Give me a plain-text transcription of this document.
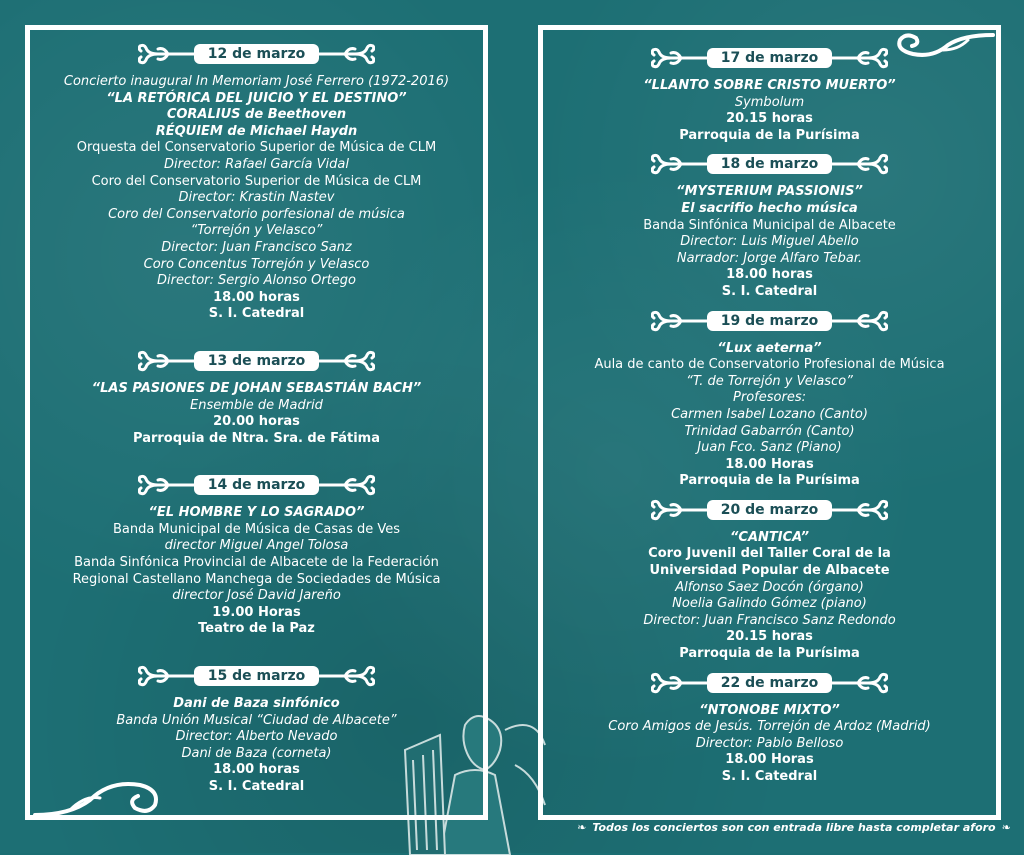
12 de marzo
Concierto inaugural In Memoriam José Ferrero (1972-2016)
“LA RETÓRICA DEL JUICIO Y EL DESTINO”
CORALIUS de Beethoven
RÉQUIEM de Michael Haydn
Orquesta del Conservatorio Superior de Música de CLM
Director: Rafael García Vidal
Coro del Conservatorio Superior de Música de CLM
Director: Krastin Nastev
Coro del Conservatorio porfesional de música
“Torrejón y Velasco”
Director: Juan Francisco Sanz
Coro Concentus Torrejón y Velasco
Director: Sergio Alonso Ortego
18.00 horas
S. I. Catedral
13 de marzo
“LAS PASIONES DE JOHAN SEBASTIÁN BACH”
Ensemble de Madrid
20.00 horas
Parroquia de Ntra. Sra. de Fátima
14 de marzo
“EL HOMBRE Y LO SAGRADO”
Banda Municipal de Música de Casas de Ves
director Miguel Angel Tolosa
Banda Sinfónica Provincial de Albacete de la Federación
Regional Castellano Manchega de Sociedades de Música
director José David Jareño
19.00 Horas
Teatro de la Paz
15 de marzo
Dani de Baza sinfónico
Banda Unión Musical “Ciudad de Albacete”
Director: Alberto Nevado
Dani de Baza (corneta)
18.00 horas
S. I. Catedral
17 de marzo
“LLANTO SOBRE CRISTO MUERTO”
Symbolum
20.15 horas
Parroquia de la Purísima
18 de marzo
“MYSTERIUM PASSIONIS”
El sacrifio hecho música
Banda Sinfónica Municipal de Albacete
Director: Luis Miguel Abello
Narrador: Jorge Alfaro Tebar.
18.00 horas
S. I. Catedral
19 de marzo
“Lux aeterna”
Aula de canto de Conservatorio Profesional de Música
“T. de Torrejón y Velasco”
Profesores:
Carmen Isabel Lozano (Canto)
Trinidad Gabarrón (Canto)
Juan Fco. Sanz (Piano)
18.00 Horas
Parroquia de la Purísima
20 de marzo
“CANTICA”
Coro Juvenil del Taller Coral de la
Universidad Popular de Albacete
Alfonso Saez Docón (órgano)
Noelia Galindo Gómez (piano)
Director: Juan Francisco Sanz Redondo
20.15 horas
Parroquia de la Purísima
22 de marzo
“NTONOBE MIXTO”
Coro Amigos de Jesús. Torrejón de Ardoz (Madrid)
Director: Pablo Belloso
18.00 Horas
S. I. Catedral
❧ Todos los conciertos son con entrada libre hasta completar aforo ❧
